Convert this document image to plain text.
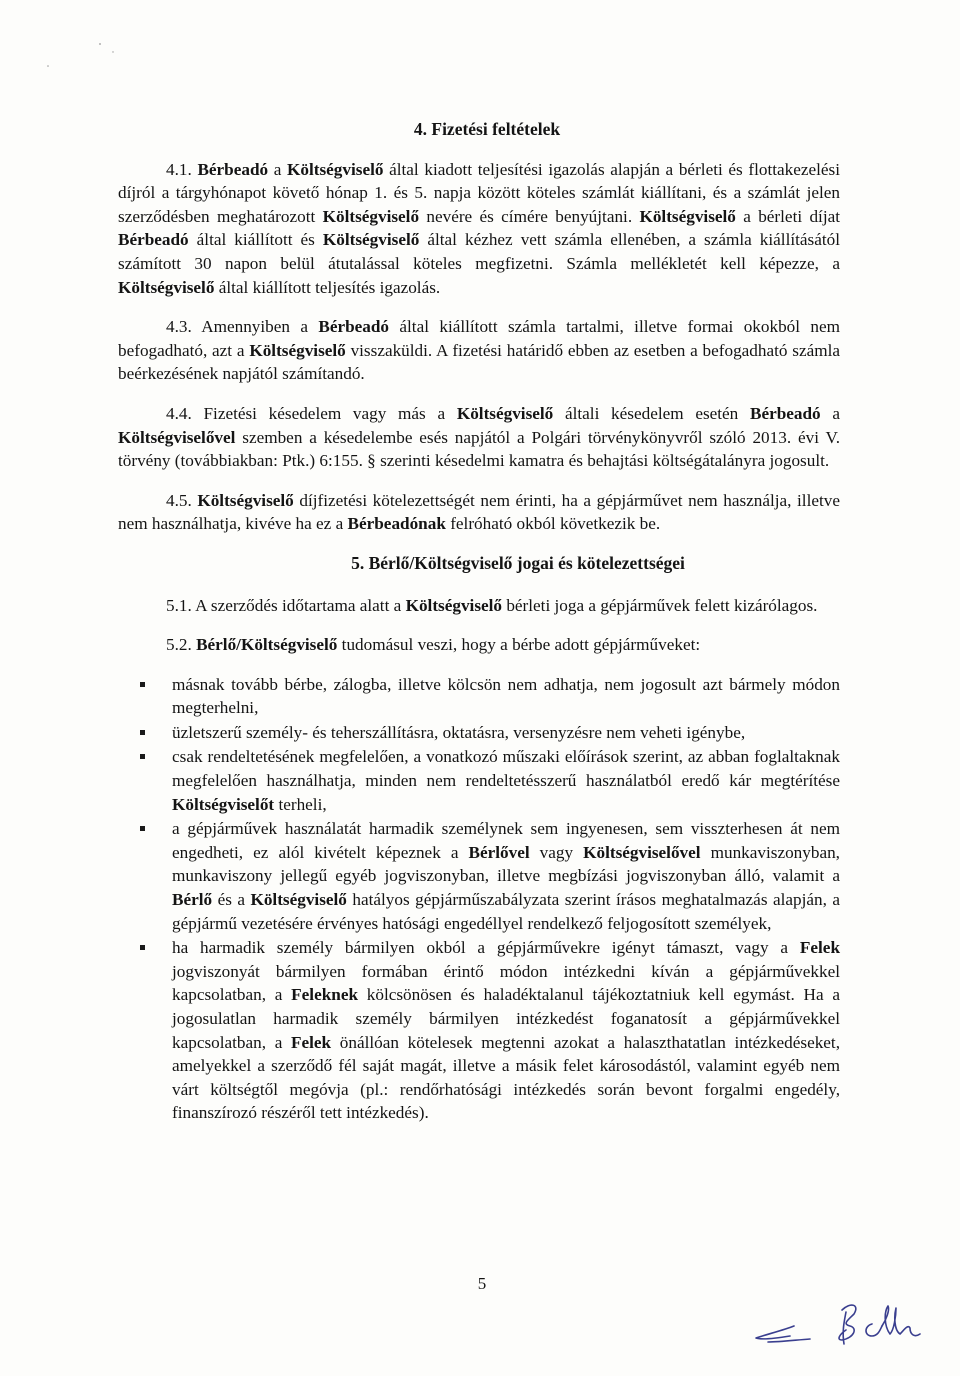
4. Fizetési feltételek

4.1. Bérbeadó a Költségviselő által kiadott teljesítési igazolás alapján a bérleti és flottakezelési díjról a tárgyhónapot követő hónap 1. és 5. napja között köteles számlát kiállítani, és a számlát jelen szerződésben meghatározott Költségviselő nevére és címére benyújtani. Költségviselő a bérleti díjat Bérbeadó által kiállított és Költségviselő által kézhez vett számla ellenében, a számla kiállításától számított 30 napon belül átutalással köteles megfizetni. Számla mellékletét kell képezze, a Költségviselő által kiállított teljesítés igazolás.

4.3. Amennyiben a Bérbeadó által kiállított számla tartalmi, illetve formai okokból nem befogadható, azt a Költségviselő visszaküldi. A fizetési határidő ebben az esetben a befogadható számla beérkezésének napjától számítandó.

4.4. Fizetési késedelem vagy más a Költségviselő általi késedelem esetén Bérbeadó a Költségviselővel szemben a késedelembe esés napjától a Polgári törvénykönyvről szóló 2013. évi V. törvény (továbbiakban: Ptk.) 6:155. § szerinti késedelmi kamatra és behajtási költségátalányra jogosult.

4.5. Költségviselő díjfizetési kötelezettségét nem érinti, ha a gépjárművet nem használja, illetve nem használhatja, kivéve ha ez a Bérbeadónak felróható okból következik be.

5. Bérlő/Költségviselő jogai és kötelezettségei

5.1. A szerződés időtartama alatt a Költségviselő bérleti joga a gépjárművek felett kizárólagos.

5.2. Bérlő/Költségviselő tudomásul veszi, hogy a bérbe adott gépjárműveket:

másnak tovább bérbe, zálogba, illetve kölcsön nem adhatja, nem jogosult azt bármely módon megterhelni,
üzletszerű személy- és teherszállításra, oktatásra, versenyzésre nem veheti igénybe,
csak rendeltetésének megfelelően, a vonatkozó műszaki előírások szerint, az abban foglaltaknak megfelelően használhatja, minden nem rendeltetésszerű használatból eredő kár megtérítése Költségviselőt terheli,
a gépjárművek használatát harmadik személynek sem ingyenesen, sem visszterhesen át nem engedheti, ez alól kivételt képeznek a Bérlővel vagy Költségviselővel munkaviszonyban, munkaviszony jellegű egyéb jogviszonyban, illetve megbízási jogviszonyban álló, valamit a Bérlő és a Költségviselő hatályos gépjárműszabályzata szerint írásos meghatalmazás alapján, a gépjármű vezetésére érvényes hatósági engedéllyel rendelkező feljogosított személyek,
ha harmadik személy bármilyen okból a gépjárművekre igényt támaszt, vagy a Felek jogviszonyát bármilyen formában érintő módon intézkedni kíván a gépjárművekkel kapcsolatban, a Feleknek kölcsönösen és haladéktalanul tájékoztatniuk kell egymást. Ha a jogosulatlan harmadik személy bármilyen intézkedést foganatosít a gépjárművekkel kapcsolatban, a Felek önállóan kötelesek megtenni azokat a halaszthatatlan intézkedéseket, amelyekkel a szerződő fél saját magát, illetve a másik felet károsodástól, valamint egyéb nem várt költségtől megóvja (pl.: rendőrhatósági intézkedés során bevont forgalmi engedély, finanszírozó részéről tett intézkedés).
5
